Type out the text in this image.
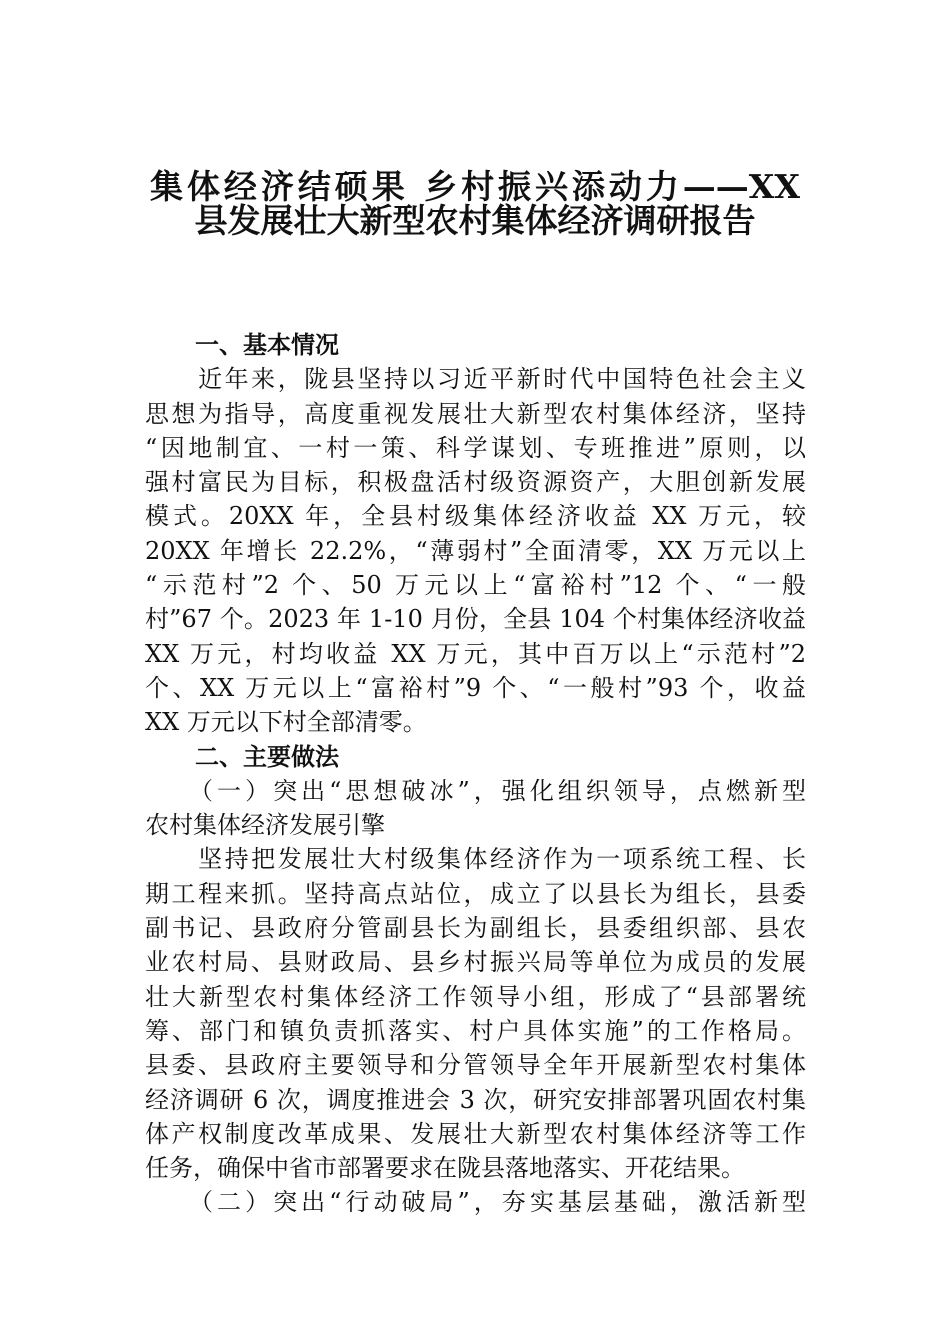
集体经济结硕果 乡村振兴添动力——XX
县发展壮大新型农村集体经济调研报告
一、基本情况
　　近年来，陇县坚持以习近平新时代中国特色社会主义
思想为指导，高度重视发展壮大新型农村集体经济，坚持
“因地制宜、一村一策、科学谋划、专班推进”原则，以
强村富民为目标，积极盘活村级资源资产，大胆创新发展
模式。20XX 年，全县村级集体经济收益 XX 万元，较
20XX 年增长 22.2%，“薄弱村”全面清零，XX 万元以上
“示范村”2 个、50 万元以上“富裕村”12 个、“一般
村”67 个。2023 年 1-10 月份，全县 104 个村集体经济收益
XX 万元，村均收益 XX 万元，其中百万以上“示范村”2
个、XX 万元以上“富裕村”9 个、“一般村”93 个，收益
XX 万元以下村全部清零。
二、主要做法
　　（一）突出“思想破冰”，强化组织领导，点燃新型
农村集体经济发展引擎
　　坚持把发展壮大村级集体经济作为一项系统工程、长
期工程来抓。坚持高点站位，成立了以县长为组长，县委
副书记、县政府分管副县长为副组长，县委组织部、县农
业农村局、县财政局、县乡村振兴局等单位为成员的发展
壮大新型农村集体经济工作领导小组，形成了“县部署统
筹、部门和镇负责抓落实、村户具体实施”的工作格局。
县委、县政府主要领导和分管领导全年开展新型农村集体
经济调研 6 次，调度推进会 3 次，研究安排部署巩固农村集
体产权制度改革成果、发展壮大新型农村集体经济等工作
任务，确保中省市部署要求在陇县落地落实、开花结果。
　　（二）突出“行动破局”，夯实基层基础，激活新型
